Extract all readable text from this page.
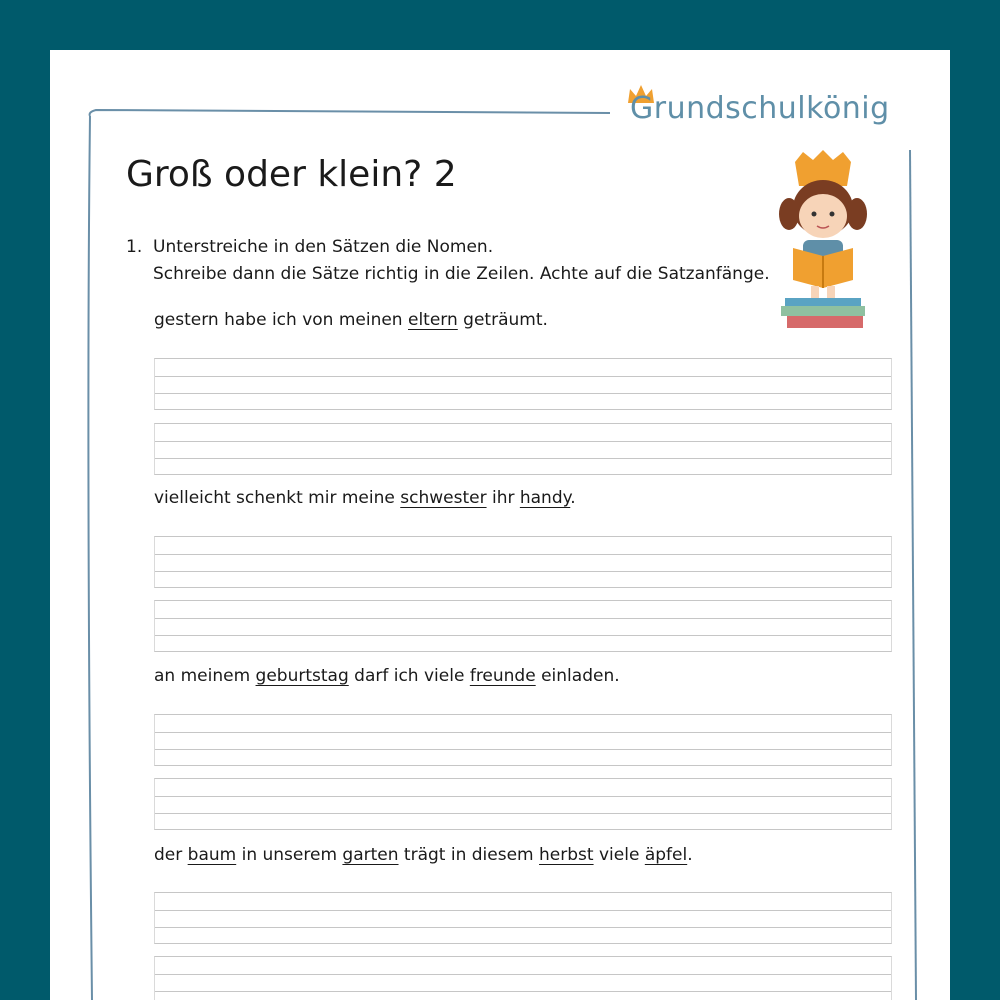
Grundschulkönig
Groß oder klein? 2
1. Unterstreiche in den Sätzen die Nomen.
Schreibe dann die Sätze richtig in die Zeilen. Achte auf die Satzanfänge.
gestern habe ich von meinen eltern geträumt.
vielleicht schenkt mir meine schwester ihr handy.
an meinem geburtstag darf ich viele freunde einladen.
der baum in unserem garten trägt in diesem herbst viele äpfel.
